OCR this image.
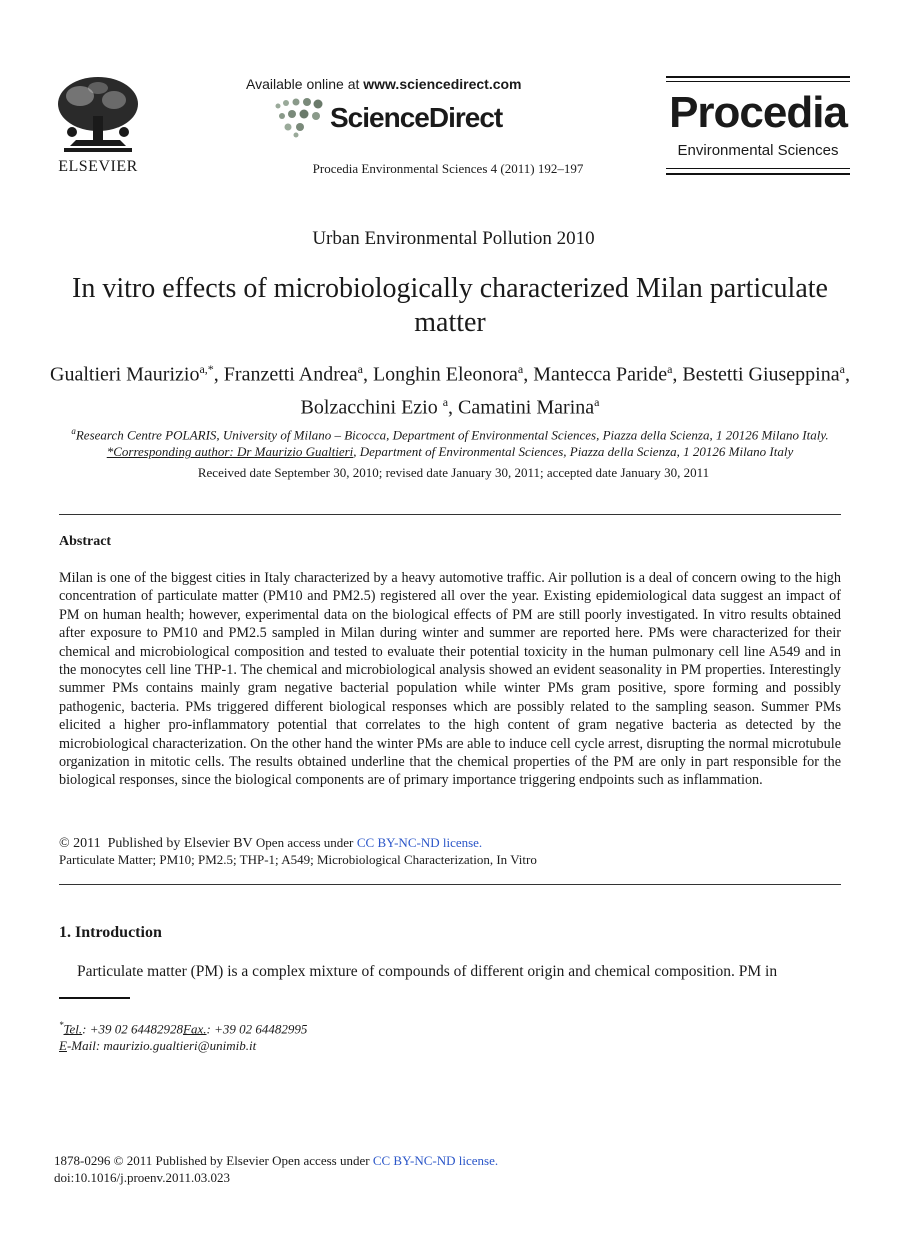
ELSEVIER
Available online at www.sciencedirect.com
ScienceDirect
Procedia Environmental Sciences 4 (2011) 192–197
Procedia
Environmental Sciences
Urban Environmental Pollution 2010
In vitro effects of microbiologically characterized Milan particulate matter
Gualtieri Maurizio$^{a,*}$, Franzetti Andrea$^a$, Longhin Eleonora$^a$, Mantecca Paride$^a$, Bestetti Giuseppina$^a$, Bolzacchini Ezio $^a$, Camatini Marina$^a$
$^a$Research Centre POLARIS, University of Milano – Bicocca, Department of Environmental Sciences, Piazza della Scienza, 1 20126 Milano Italy.
*Corresponding author: Dr Maurizio Gualtieri, Department of Environmental Sciences, Piazza della Scienza, 1 20126 Milano Italy
Received date September 30, 2010; revised date January 30, 2011; accepted date January 30, 2011
Abstract
Milan is one of the biggest cities in Italy characterized by a heavy automotive traffic. Air pollution is a deal of concern owing to the high concentration of particulate matter (PM10 and PM2.5) registered all over the year. Existing epidemiological data suggest an impact of PM on human health; however, experimental data on the biological effects of PM are still poorly investigated. In vitro results obtained after exposure to PM10 and PM2.5 sampled in Milan during winter and summer are reported here. PMs were characterized for their chemical and microbiological composition and tested to evaluate their potential toxicity in the human pulmonary cell line A549 and in the monocytes cell line THP-1. The chemical and microbiological analysis showed an evident seasonality in PM properties. Interestingly summer PMs contains mainly gram negative bacterial population while winter PMs gram positive, spore forming and possibly pathogenic, bacteria. PMs triggered different biological responses which are possibly related to the sampling season. Summer PMs elicited a higher pro-inflammatory potential that correlates to the high content of gram negative bacteria as detected by the microbiological characterization. On the other hand the winter PMs are able to induce cell cycle arrest, disrupting the normal microtubule organization in mitotic cells. The results obtained underline that the chemical properties of the PM are only in part responsible for the biological responses, since the biological components are of primary importance triggering endpoints such as inflammation.
© 2011 Published by Elsevier BV Open access under CC BY-NC-ND license.
Particulate Matter; PM10; PM2.5; THP-1; A549; Microbiological Characterization, In Vitro
1. Introduction
Particulate matter (PM) is a complex mixture of compounds of different origin and chemical composition. PM in
*Tel.: +39 02 64482928Fax.: +39 02 64482995
E-Mail: maurizio.gualtieri@unimib.it
1878-0296 © 2011 Published by Elsevier Open access under CC BY-NC-ND license.
doi:10.1016/j.proenv.2011.03.023
